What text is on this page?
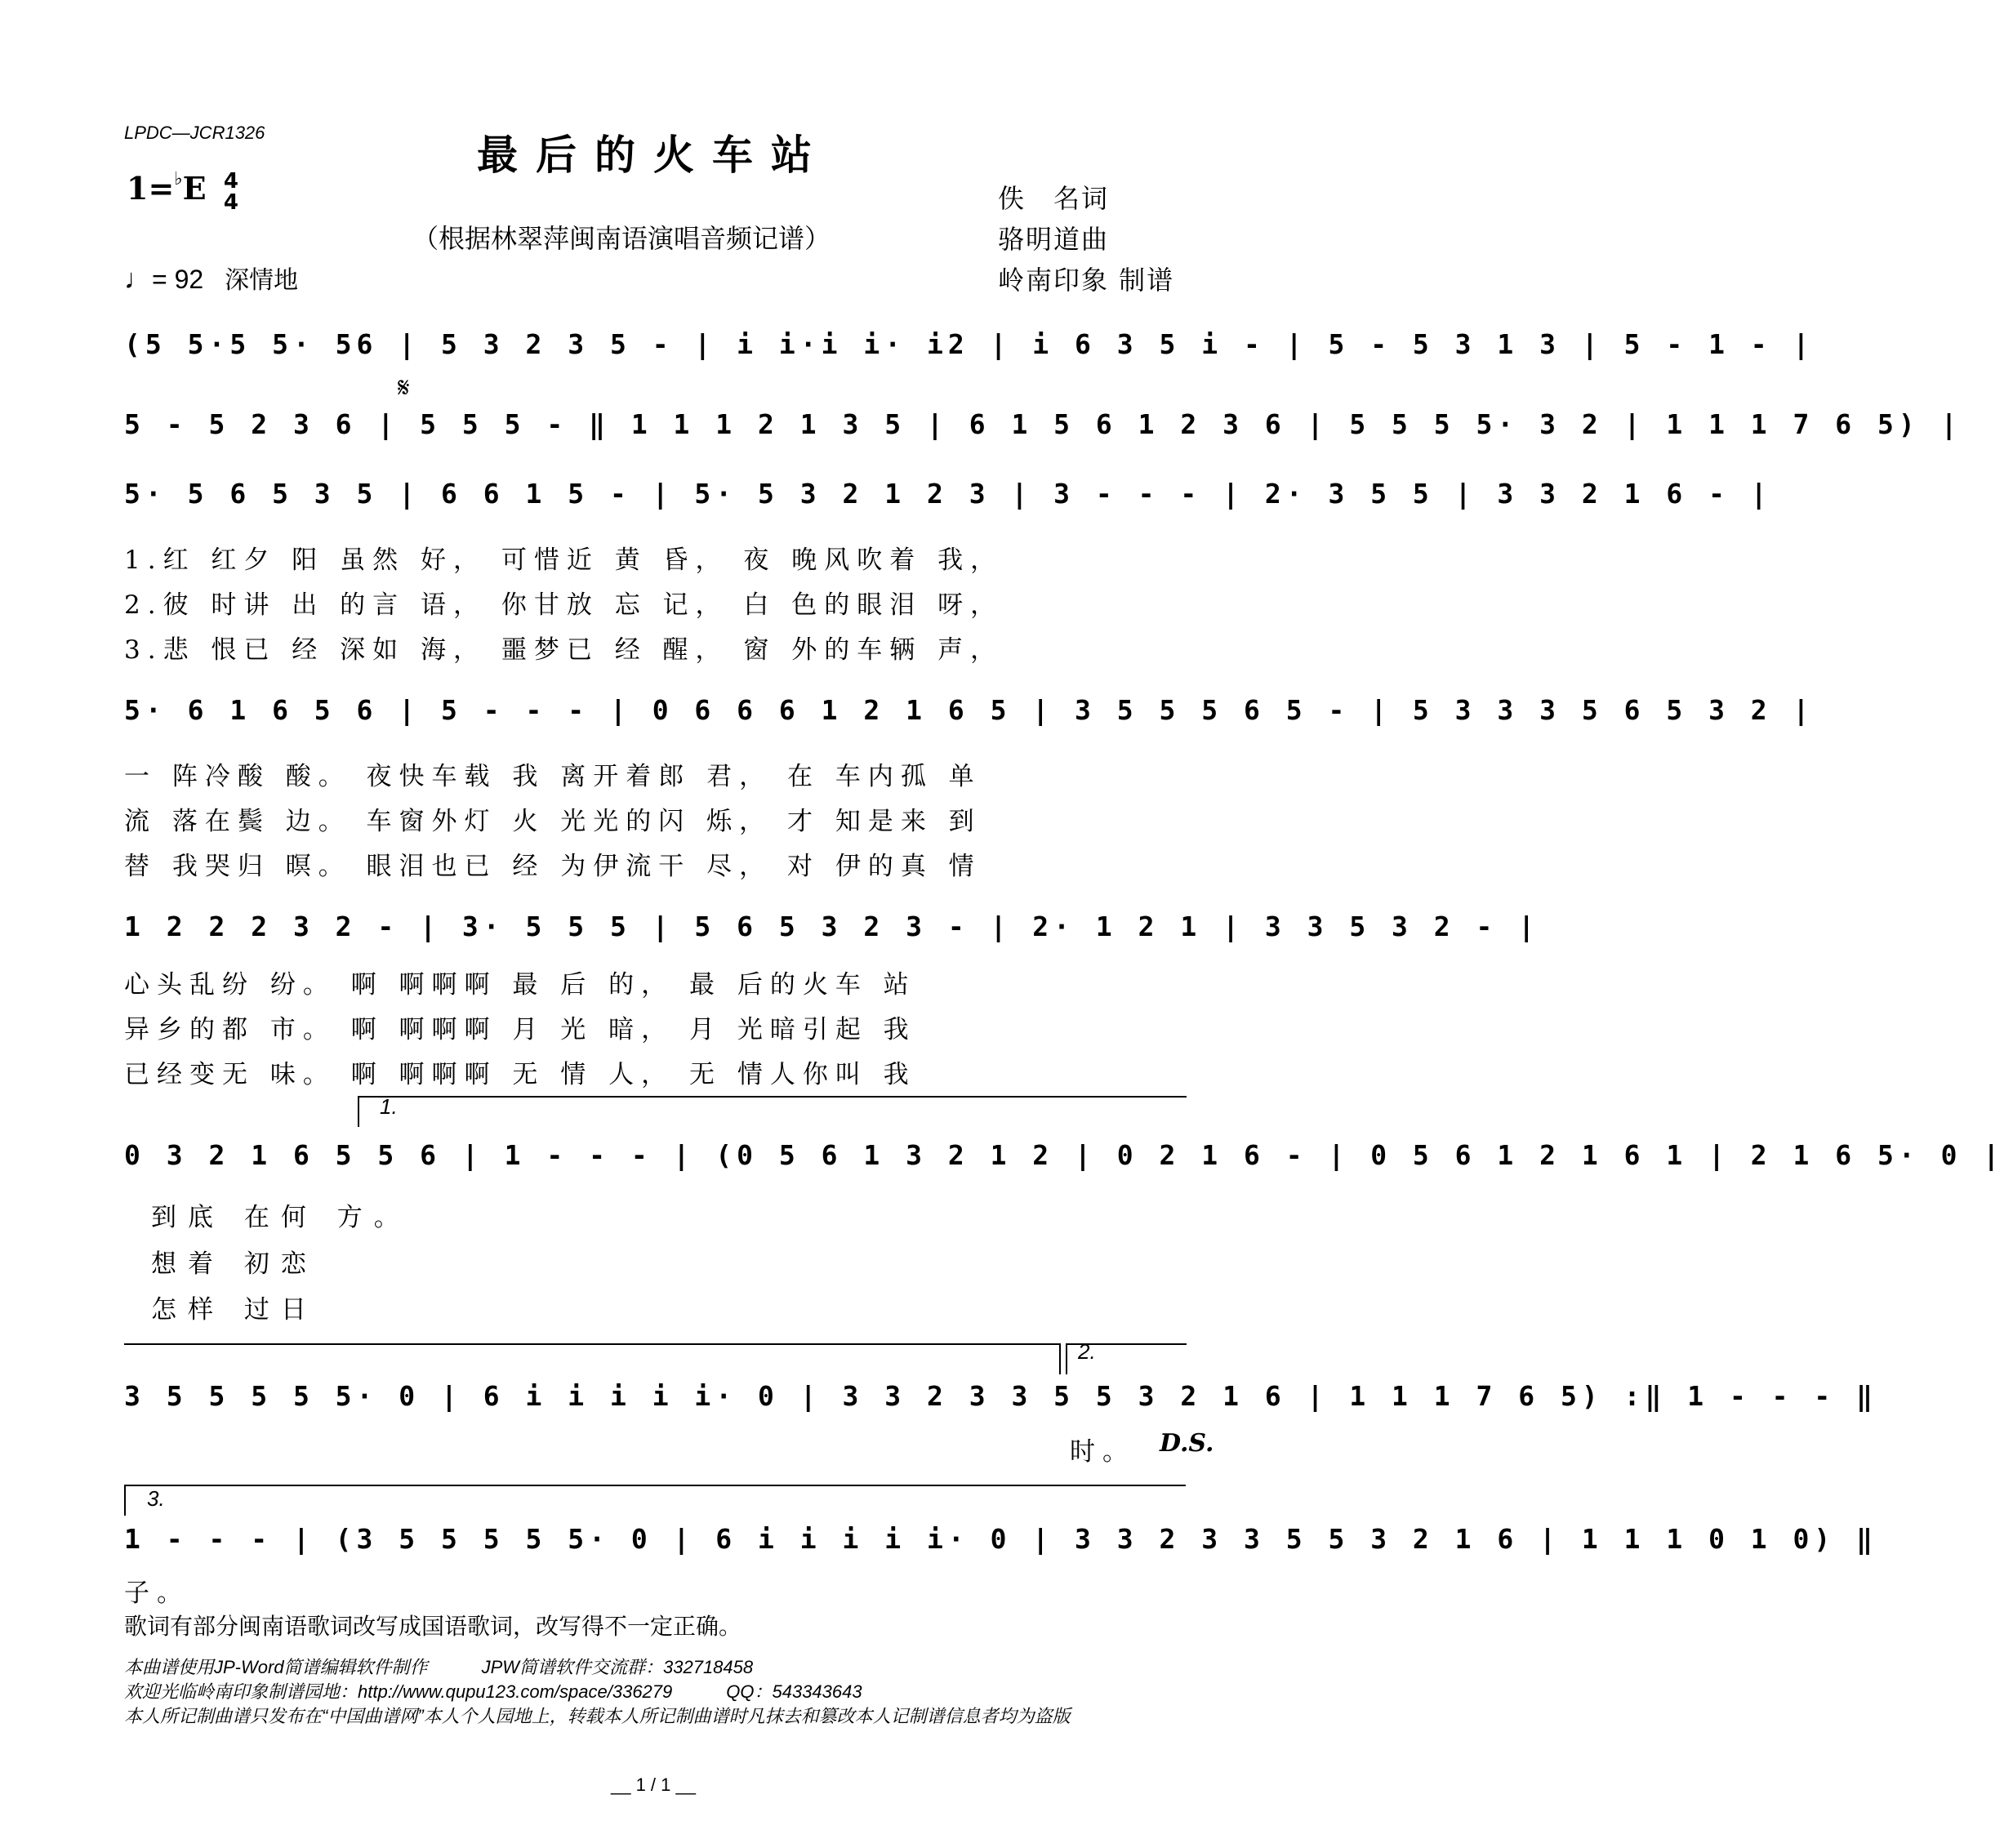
LPDC—JCR1326	最后的火车站
1=♭E 4
4	佚　名词
（根据林翠萍闽南语演唱音频记谱）	骆明道曲
♩= 92 深情地	岭南印象 制谱
𝄋
(5 5·5 5· 56 | 5 3 2 3 5 - | i i·i i· i2 | i 6 3 5 i - | 5 - 5 3 1 3 | 5 - 1 - |
5 - 5 2 3 6 | 5 5 5 - ‖ 1 1 1 2 1 3 5 | 6 1 5 6 1 2 3 6 | 5 5 5 5· 3 2 | 1 1 1 7 6 5) |
5· 5 6 5 3 5 | 6 6 1 5 - | 5· 5 3 2 1 2 3 | 3 - - - | 2· 3 5 5 | 3 3 2 1 6 - |
1.红 红夕 阳 虽然 好， 可惜近 黄 昏， 夜 晚风吹着 我，
2.彼 时讲 出 的言 语， 你甘放 忘 记， 白 色的眼泪 呀，
3.悲 恨已 经 深如 海， 噩梦已 经 醒， 窗 外的车辆 声，
5· 6 1 6 5 6 | 5 - - - | 0 6 6 6 1 2 1 6 5 | 3 5 5 5 6 5 - | 5 3 3 3 5 6 5 3 2 |
一 阵冷酸 酸。 夜快车载 我 离开着郎 君， 在 车内孤 单
流 落在鬓 边。 车窗外灯 火 光光的闪 烁， 才 知是来 到
替 我哭归 暝。 眼泪也已 经 为伊流干 尽， 对 伊的真 情
1 2 2 2 3 2 - | 3· 5 5 5 | 5 6 5 3 2 3 - | 2· 1 2 1 | 3 3 5 3 2 - |
心头乱纷 纷。 啊 啊啊啊 最 后 的， 最 后的火车 站
异乡的都 市。 啊 啊啊啊 月 光 暗， 月 光暗引起 我
已经变无 味。 啊 啊啊啊 无 情 人， 无 情人你叫 我
1.
0 3 2 1 6 5 5 6 | 1 - - - | (0 5 6 1 3 2 1 2 | 0 2 1 6 - | 0 5 6 1 2 1 6 1 | 2 1 6 5· 0 |
到底 在何 方。
想着 初恋
怎样 过日
2.
3 5 5 5 5 5· 0 | 6 i i i i i· 0 | 3 3 2 3 3 5 5 3 2 1 6 | 1 1 1 7 6 5) :‖ 1 - - - ‖
时。	D.S.
3.
1 - - - | (3 5 5 5 5 5· 0 | 6 i i i i i· 0 | 3 3 2 3 3 5 5 3 2 1 6 | 1 1 1 0 1 0) ‖
子。
歌词有部分闽南语歌词改写成国语歌词，改写得不一定正确。
本曲谱使用JP-Word简谱编辑软件制作　　　JPW简谱软件交流群：332718458
欢迎光临岭南印象制谱园地：http://www.qupu123.com/space/336279　　　QQ：543343643
本人所记制曲谱只发布在“中国曲谱网”本人个人园地上，转载本人所记制曲谱时凡抹去和篡改本人记制谱信息者均为盗版
__ 1 / 1 __
